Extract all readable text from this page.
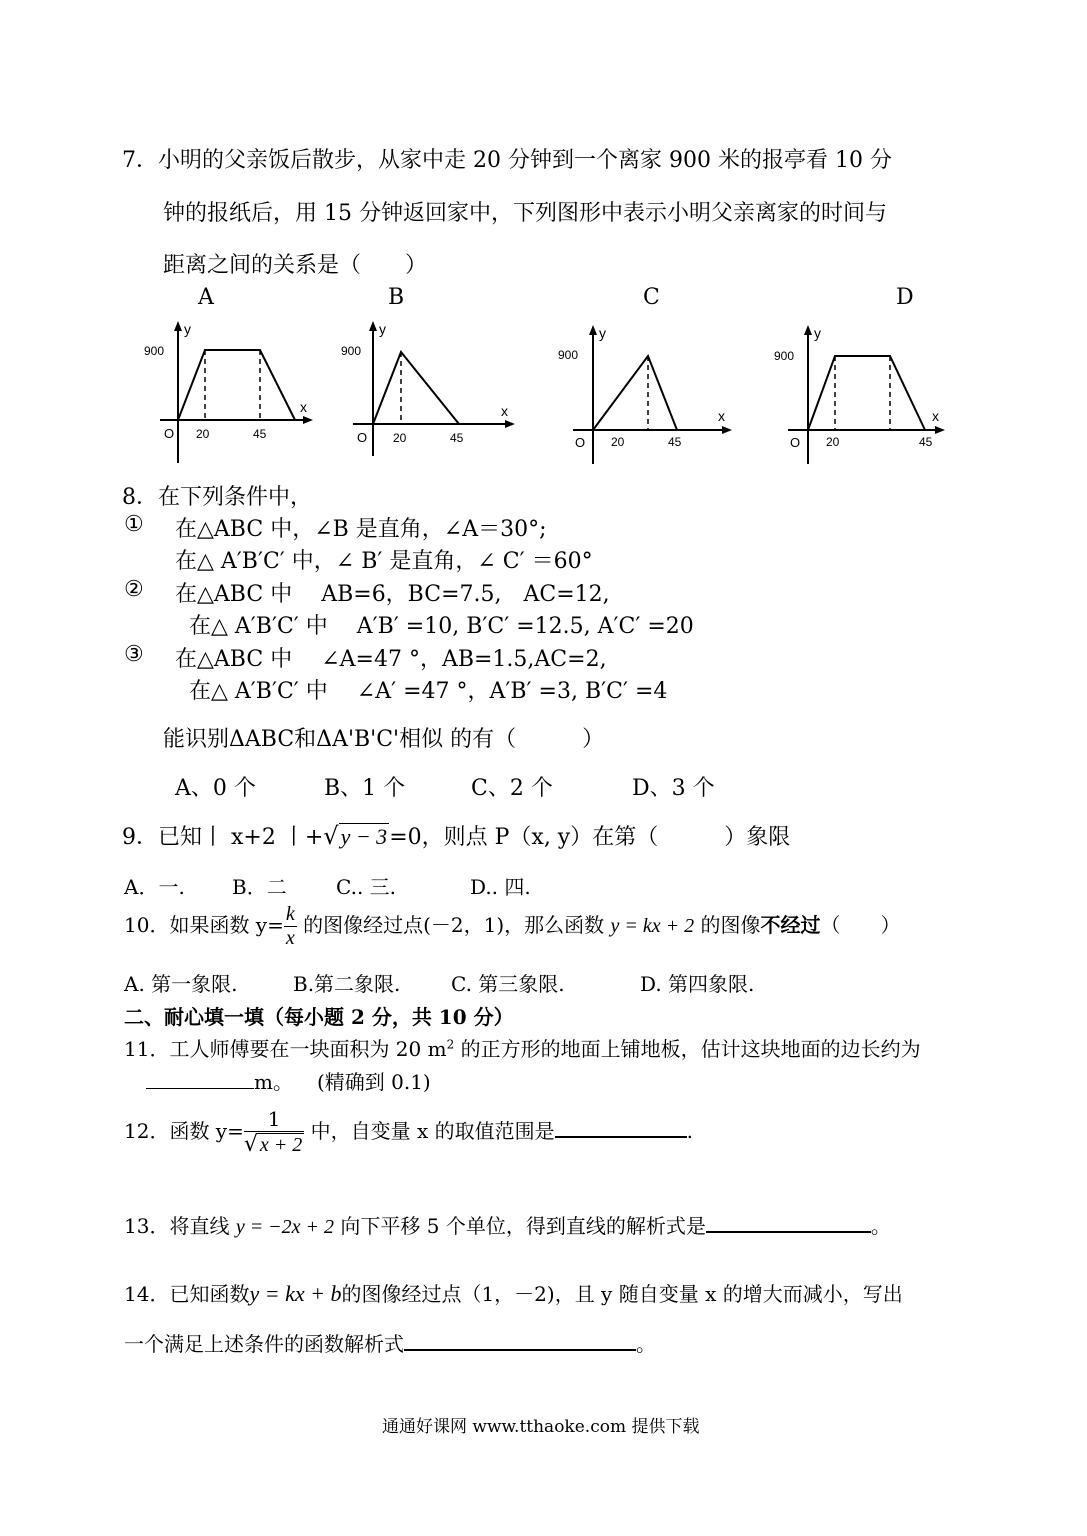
7．小明的父亲饭后散步，从家中走 20 分钟到一个离家 900 米的报亭看 10 分
钟的报纸后，用 15 分钟返回家中，下列图形中表示小明父亲离家的时间与
距离之间的关系是（　　）
A	B	C	D
y
x
900
O 20	45
y
x
900
O 20	45
y
x
900
O 20	45
y
x
900
O 20	45
8．在下列条件中，
① 在△ABC 中，∠B 是直角，∠A＝30°;
在△ A′B′C′ 中，∠ B′ 是直角，∠ C′ ＝60°
② 在△ABC 中　 AB=6，BC=7.5,　AC=12,
在△ A′B′C′ 中　 A′B′ =10, B′C′ =12.5, A′C′ =20
③ 在△ABC 中　 ∠A=47 °，AB=1.5,AC=2,
在△ A′B′C′ 中　 ∠A′ =47 °，A′B′ =3, B′C′ =4
能识别ΔABC和ΔA'B'C'相似 的有（　　　）
A、0 个	B、1 个	C、2 个	D、3 个
9．已知丨 x+2 丨+√y − 3=0，则点 P（x, y）在第（　　　）象限
A．一. B．二 C.. 三.	D.. 四.
10．如果函数 $y= \frac{k}{x}$ 的图像经过点(－2，1)，那么函数 y = kx + 2 的图像不经过（　　）
A. 第一象限.	B.第二象限.	C. 第三象限.	D. 第四象限.
二、耐心填一填（每小题 2 分，共 10 分）
11．工人师傅要在一块面积为 20 $m^2$ 的正方形的地面上铺地板，估计这块地面的边长约为
m。 (精确到 0.1)
12．函数 $y= \frac{1}{√ x + 2}$ 中，自变量 x 的取值范围是	.
13．将直线 y = −2x + 2 向下平移 5 个单位，得到直线的解析式是	。
14．已知函数y = kx + b的图像经过点（1，－2)，且 y 随自变量 x 的增大而减小，写出
一个满足上述条件的函数解析式	。
通通好课网 www.tthaoke.com 提供下载
